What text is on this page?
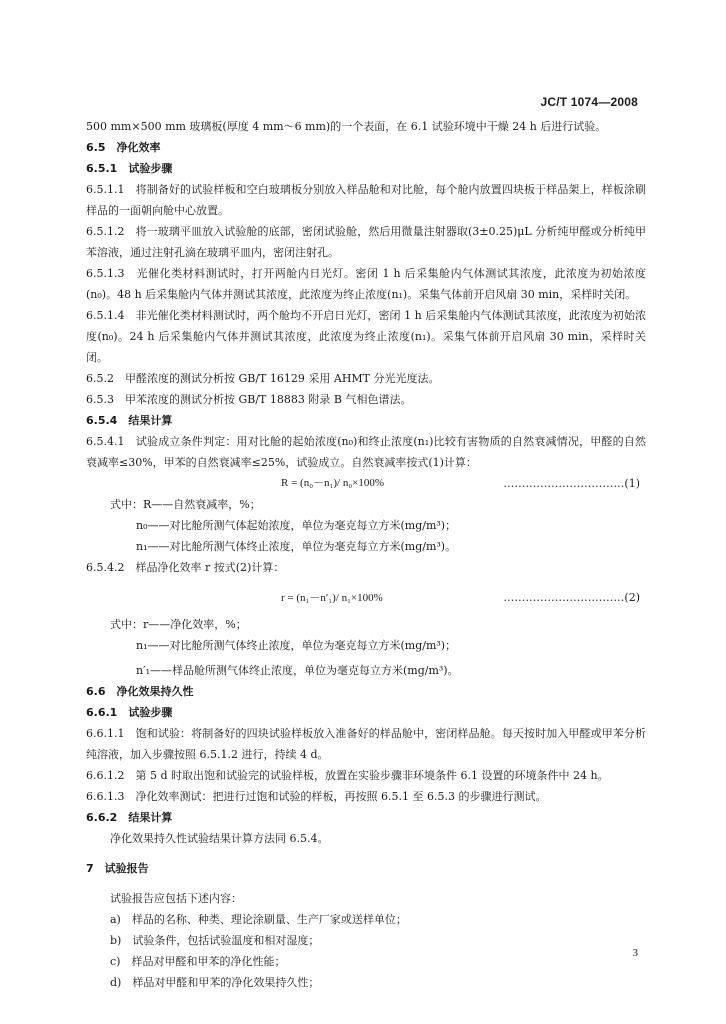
JC/T 1074—2008

500 mm×500 mm 玻璃板(厚度 4 mm～6 mm)的一个表面，在 6.1 试验环境中干燥 24 h 后进行试验。

6.5　净化效率

6.5.1　试验步骤

6.5.1.1　将制备好的试验样板和空白玻璃板分别放入样品舱和对比舱，每个舱内放置四块板于样品架上，样板涂刷样品的一面朝向舱中心放置。

6.5.1.2　将一玻璃平皿放入试验舱的底部，密闭试验舱，然后用微量注射器取(3±0.25)μL 分析纯甲醛或分析纯甲苯溶液，通过注射孔滴在玻璃平皿内，密闭注射孔。

6.5.1.3　光催化类材料测试时，打开两舱内日光灯。密闭 1 h 后采集舱内气体测试其浓度，此浓度为初始浓度(n₀)。48 h 后采集舱内气体并测试其浓度，此浓度为终止浓度(n₁)。采集气体前开启风扇 30 min，采样时关闭。

6.5.1.4　非光催化类材料测试时，两个舱均不开启日光灯，密闭 1 h 后采集舱内气体测试其浓度，此浓度为初始浓度(n₀)。24 h 后采集舱内气体并测试其浓度，此浓度为终止浓度(n₁)。采集气体前开启风扇 30 min，采样时关闭。

6.5.2　甲醛浓度的测试分析按 GB/T 16129 采用 AHMT 分光光度法。

6.5.3　甲苯浓度的测试分析按 GB/T 18883 附录 B 气相色谱法。

6.5.4　结果计算

6.5.4.1　试验成立条件判定：用对比舱的起始浓度(n₀)和终止浓度(n₁)比较有害物质的自然衰减情况，甲醛的自然衰减率≤30%，甲苯的自然衰减率≤25%，试验成立。自然衰减率按式(1)计算：

R = (n₀－n₁)/ n₀×100%	……………………………(1)

式中：R——自然衰减率，%；

n₀——对比舱所测气体起始浓度，单位为毫克每立方米(mg/m³)；

n₁——对比舱所测气体终止浓度，单位为毫克每立方米(mg/m³)。

6.5.4.2　样品净化效率 r 按式(2)计算：

r = (n₁－n′₁)/ n₁×100%	……………………………(2)

式中：r——净化效率，%；

n₁——对比舱所测气体终止浓度，单位为毫克每立方米(mg/m³)；

n′₁——样品舱所测气体终止浓度，单位为毫克每立方米(mg/m³)。

6.6　净化效果持久性

6.6.1　试验步骤

6.6.1.1　饱和试验：将制备好的四块试验样板放入准备好的样品舱中，密闭样品舱。每天按时加入甲醛或甲苯分析纯溶液，加入步骤按照 6.5.1.2 进行，持续 4 d。

6.6.1.2　第 5 d 时取出饱和试验完的试验样板，放置在实验步骤非环境条件 6.1 设置的环境条件中 24 h。

6.6.1.3　净化效率测试：把进行过饱和试验的样板，再按照 6.5.1 至 6.5.3 的步骤进行测试。

6.6.2　结果计算

净化效果持久性试验结果计算方法同 6.5.4。

7　试验报告

试验报告应包括下述内容：

a)　样品的名称、种类、理论涂刷量、生产厂家或送样单位；

b)　试验条件，包括试验温度和相对湿度；

c)　样品对甲醛和甲苯的净化性能；

d)　样品对甲醛和甲苯的净化效果持久性；

3
